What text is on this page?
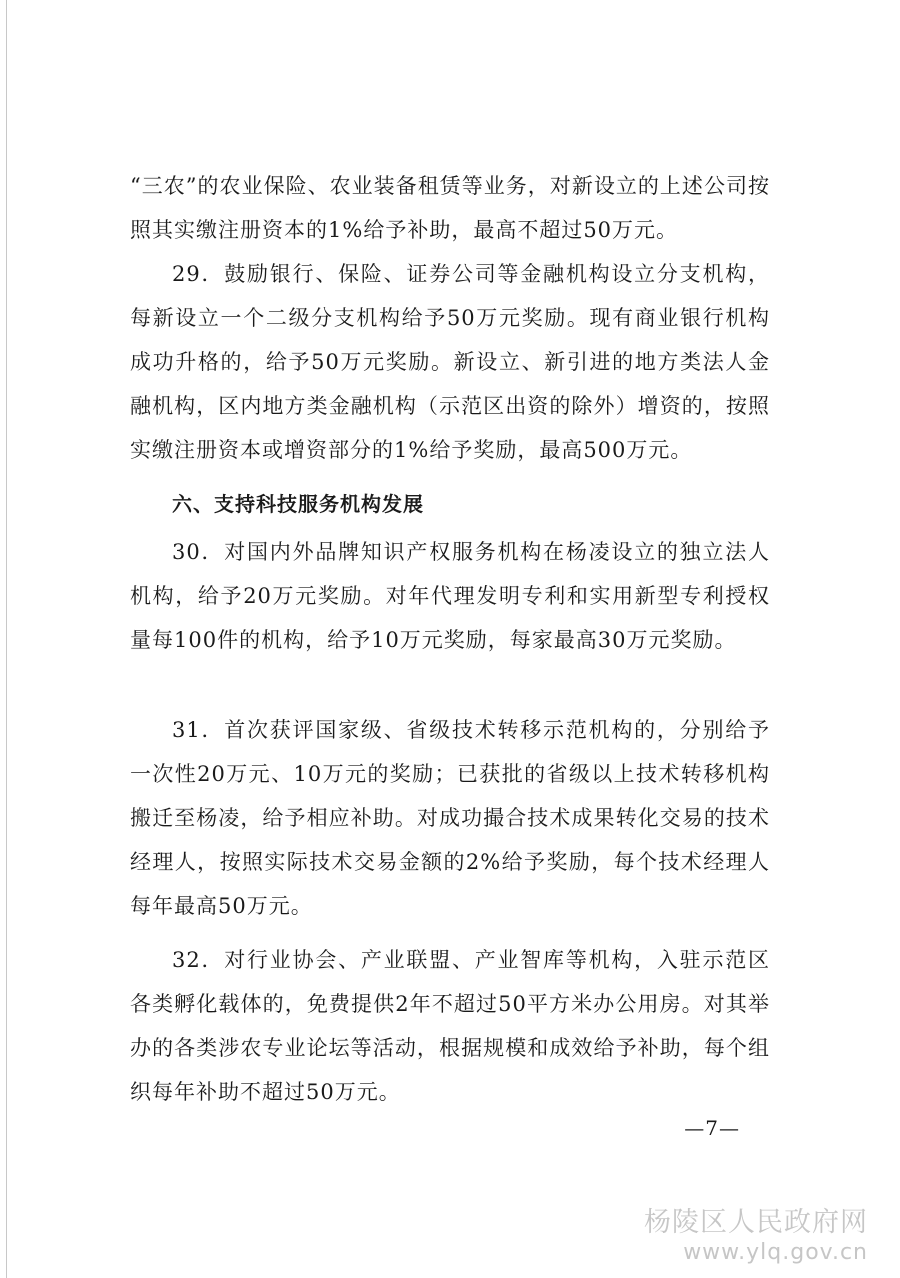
“三农”的农业保险、农业装备租赁等业务，对新设立的上述公司按照其实缴注册资本的1%给予补助，最高不超过50万元。

29．鼓励银行、保险、证券公司等金融机构设立分支机构，每新设立一个二级分支机构给予50万元奖励。现有商业银行机构成功升格的，给予50万元奖励。新设立、新引进的地方类法人金融机构，区内地方类金融机构（示范区出资的除外）增资的，按照实缴注册资本或增资部分的1%给予奖励，最高500万元。

六、支持科技服务机构发展

30．对国内外品牌知识产权服务机构在杨凌设立的独立法人机构，给予20万元奖励。对年代理发明专利和实用新型专利授权量每100件的机构，给予10万元奖励，每家最高30万元奖励。

31．首次获评国家级、省级技术转移示范机构的，分别给予一次性20万元、10万元的奖励；已获批的省级以上技术转移机构搬迁至杨凌，给予相应补助。对成功撮合技术成果转化交易的技术经理人，按照实际技术交易金额的2%给予奖励，每个技术经理人每年最高50万元。

32．对行业协会、产业联盟、产业智库等机构，入驻示范区各类孵化载体的，免费提供2年不超过50平方米办公用房。对其举办的各类涉农专业论坛等活动，根据规模和成效给予补助，每个组织每年补助不超过50万元。

—7—
杨陵区人民政府网
www.ylq.gov.cn
